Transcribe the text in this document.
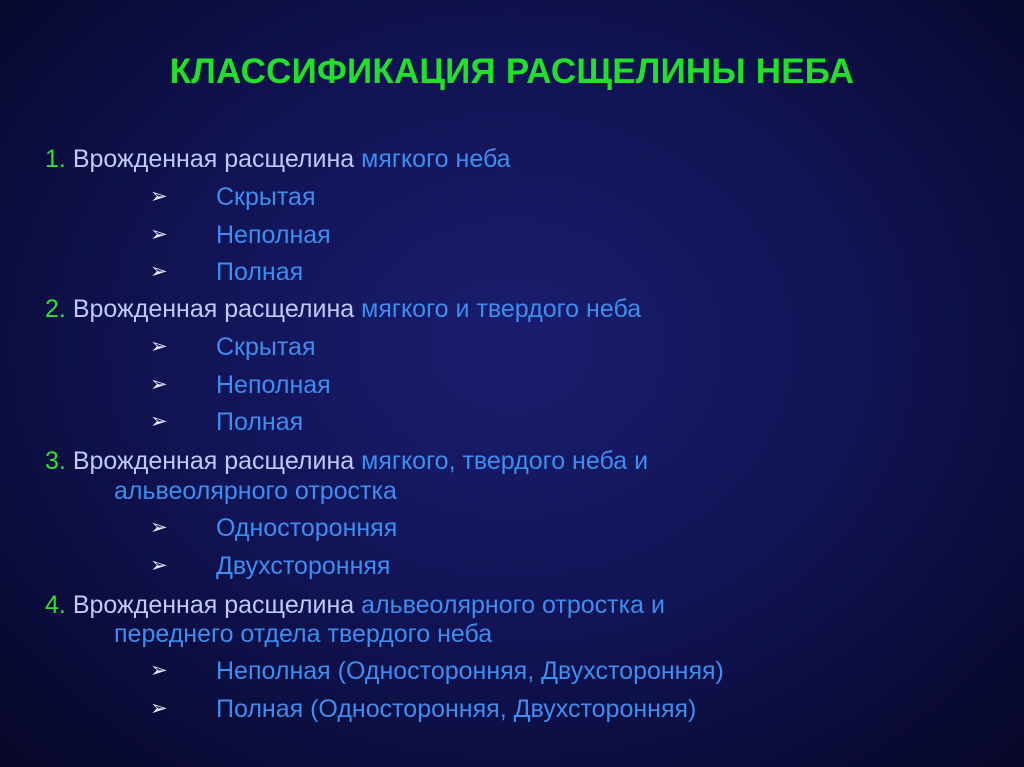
КЛАССИФИКАЦИЯ РАСЩЕЛИНЫ НЕБА
1. Врожденная расщелина мягкого неба
➢ Скрытая
➢ Неполная
➢ Полная
2. Врожденная расщелина мягкого и твердого неба
➢ Скрытая
➢ Неполная
➢ Полная
3. Врожденная расщелина мягкого, твердого неба и
альвеолярного отростка
➢ Односторонняя
➢ Двухсторонняя
4. Врожденная расщелина альвеолярного отростка и
переднего отдела твердого неба
➢ Неполная (Односторонняя, Двухсторонняя)
➢ Полная (Односторонняя, Двухсторонняя)
